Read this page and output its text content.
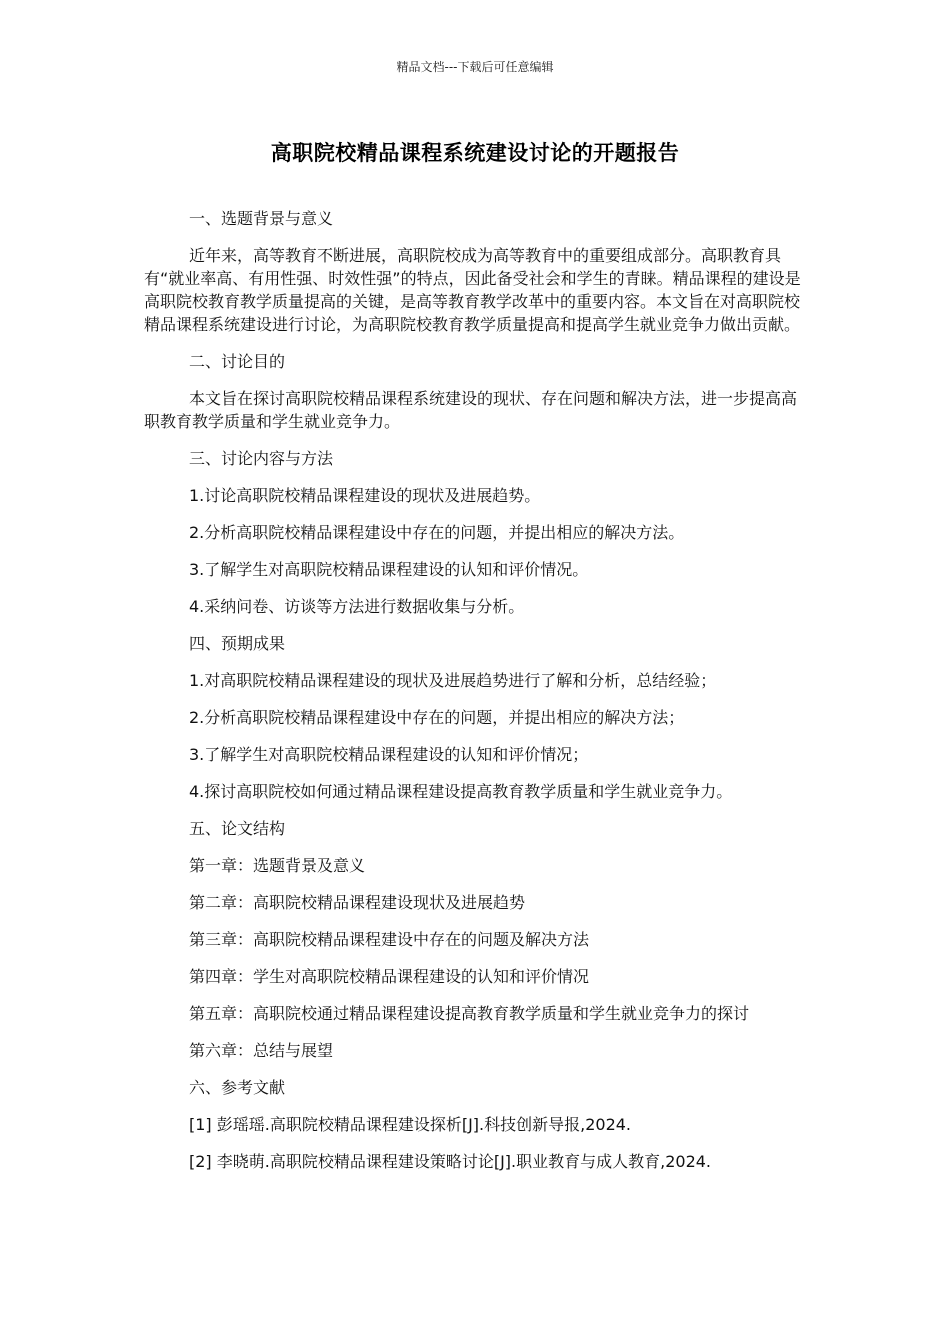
精品文档---下载后可任意编辑
高职院校精品课程系统建设讨论的开题报告

一、选题背景与意义

近年来，高等教育不断进展，高职院校成为高等教育中的重要组成部分。高职教育具有“就业率高、有用性强、时效性强”的特点，因此备受社会和学生的青睐。精品课程的建设是高职院校教育教学质量提高的关键，是高等教育教学改革中的重要内容。本文旨在对高职院校精品课程系统建设进行讨论，为高职院校教育教学质量提高和提高学生就业竞争力做出贡献。

二、讨论目的

本文旨在探讨高职院校精品课程系统建设的现状、存在问题和解决方法，进一步提高高职教育教学质量和学生就业竞争力。

三、讨论内容与方法

1.讨论高职院校精品课程建设的现状及进展趋势。

2.分析高职院校精品课程建设中存在的问题，并提出相应的解决方法。

3.了解学生对高职院校精品课程建设的认知和评价情况。

4.采纳问卷、访谈等方法进行数据收集与分析。

四、预期成果

1.对高职院校精品课程建设的现状及进展趋势进行了解和分析，总结经验；

2.分析高职院校精品课程建设中存在的问题，并提出相应的解决方法；

3.了解学生对高职院校精品课程建设的认知和评价情况；

4.探讨高职院校如何通过精品课程建设提高教育教学质量和学生就业竞争力。

五、论文结构

第一章：选题背景及意义

第二章：高职院校精品课程建设现状及进展趋势

第三章：高职院校精品课程建设中存在的问题及解决方法

第四章：学生对高职院校精品课程建设的认知和评价情况

第五章：高职院校通过精品课程建设提高教育教学质量和学生就业竞争力的探讨

第六章：总结与展望

六、参考文献

[1] 彭瑶瑶.高职院校精品课程建设探析[J].科技创新导报,2024.

[2] 李晓萌.高职院校精品课程建设策略讨论[J].职业教育与成人教育,2024.
